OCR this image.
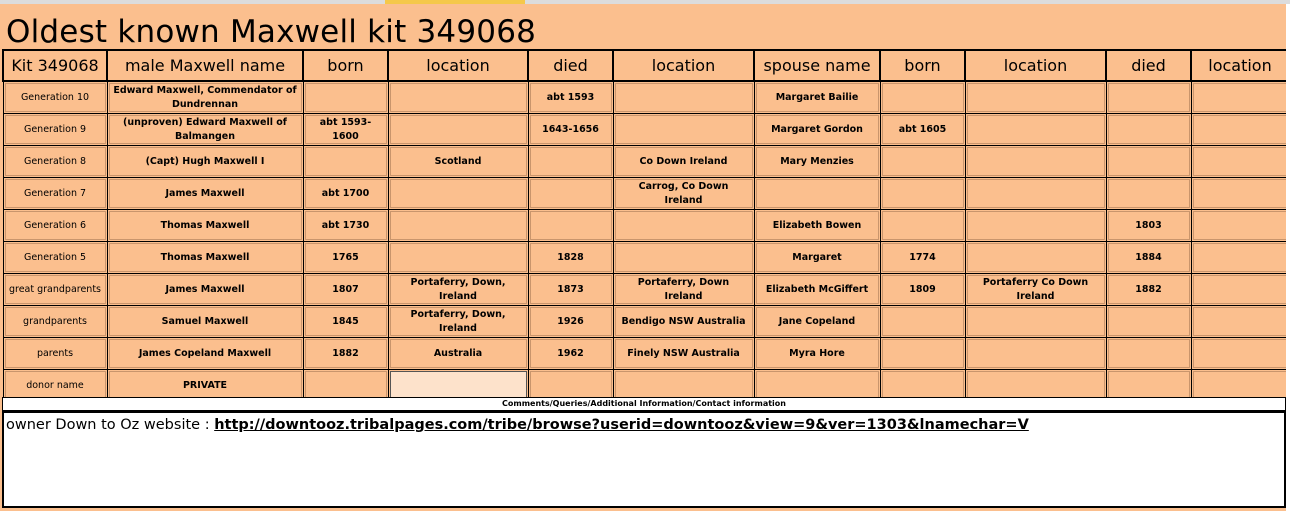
Oldest known Maxwell kit 349068
Kit 349068	male Maxwell name	born	location	died	location	spouse name	born	location	died	location

Generation 10	Edward Maxwell, Commendator of Dundrennan			abt 1593		Margaret Bailie				

Generation 9	(unproven) Edward Maxwell of Balmangen	abt 1593-1600		1643-1656		Margaret Gordon	abt 1605			

Generation 8	(Capt) Hugh Maxwell I		Scotland		Co Down Ireland	Mary Menzies				

Generation 7	James Maxwell	abt 1700			Carrog, Co Down Ireland					

Generation 6	Thomas Maxwell	abt 1730				Elizabeth Bowen			1803	

Generation 5	Thomas Maxwell	1765		1828		Margaret	1774		1884	

great grandparents	James Maxwell	1807	Portaferry, Down, Ireland	1873	Portaferry, Down Ireland	Elizabeth McGiffert	1809	Portaferry Co Down Ireland	1882	

grandparents	Samuel Maxwell	1845	Portaferry, Down, Ireland	1926	Bendigo NSW Australia	Jane Copeland				

parents	James Copeland Maxwell	1882	Australia	1962	Finely NSW Australia	Myra Hore				

donor name	PRIVATE									

Comments/Queries/Additional Information/Contact information
owner Down to Oz website : http://downtooz.tribalpages.com/tribe/browse?userid=downtooz&view=9&ver=1303&lnamechar=V
